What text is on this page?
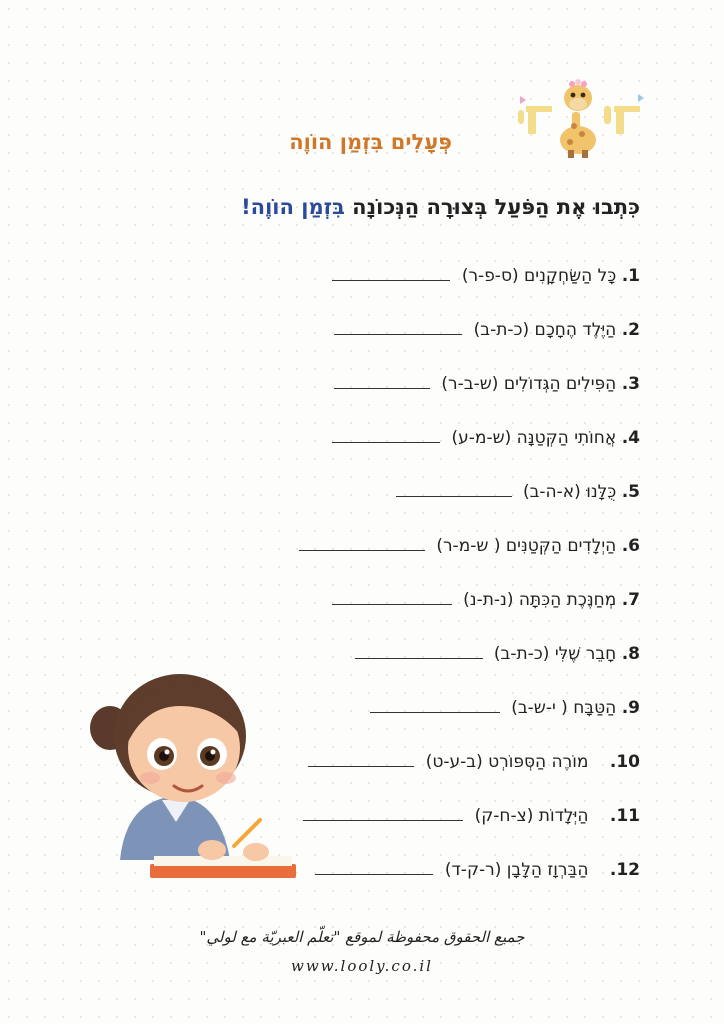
פְּעָלִים בִּזְמַן הוֹוֶה
כִּתְבוּ אֶת הַפֹּעַל בְּצוּרָה הַנְּכוֹנָה בִּזְמַן הוֹוֶה!
1. כָּל הַשַּׂחְקָנִים (ס-פ-ר)
2. הַיֶּלֶד הֶחָכָם (כ-ת-ב)
3. הַפִּילִים הַגְּדוֹלִים (ש-ב-ר)
4. אֲחוֹתִי הַקְּטַנָּה (ש-מ-ע)
5. כֻּלָּנוּ (א-ה-ב)
6. הַיְלָדִים הַקְּטַנִּים ( ש-מ-ר)
7. מְחַנֶּכֶת הַכִּתָּה (נ-ת-נ)
8. חָבֵר שֶׁלִּי (כ-ת-ב)
9. הַטַּבָּח ( י-ש-ב)
10. מוֹרֶה הַסְּפּוֹרְט (ב-ע-ט)
11. הַיְּלָדוֹת (צ-ח-ק)
12. הַבַּרְוָז הַלָּבָן (ר-ק-ד)
جميع الحقوق محفوظة لموقع "تعلّم العبريّة مع لولي"
www.looly.co.il
